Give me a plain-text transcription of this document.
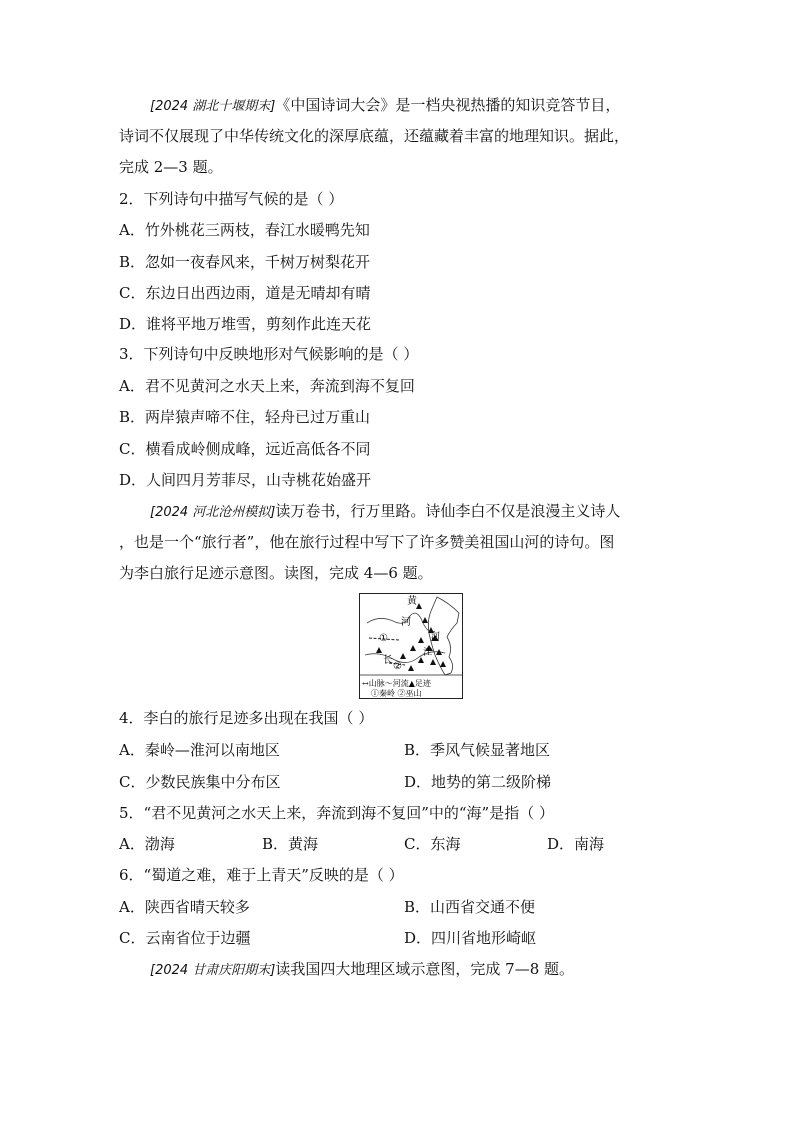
[2024 湖北十堰期末]《中国诗词大会》是一档央视热播的知识竞答节目，
诗词不仅展现了中华传统文化的深厚底蕴，还蕴藏着丰富的地理知识。据此，
完成 2—3 题。
2．下列诗句中描写气候的是（ ）
A．竹外桃花三两枝，春江水暖鸭先知
B．忽如一夜春风来，千树万树梨花开
C．东边日出西边雨，道是无晴却有晴
D．谁将平地万堆雪，剪刻作此连天花
3．下列诗句中反映地形对气候影响的是（ ）
A．君不见黄河之水天上来，奔流到海不复回
B．两岸猿声啼不住，轻舟已过万重山
C．横看成岭侧成峰，远近高低各不同
D．人间四月芳菲尽，山寺桃花始盛开
[2024 河北沧州模拟]读万卷书，行万里路。诗仙李白不仅是浪漫主义诗人
，也是一个“旅行者”，他在旅行过程中写下了许多赞美祖国山河的诗句。图
为李白旅行足迹示意图。读图，完成 4—6 题。
黄
河
河
长
江
①
②
↔山脉～河流▲足迹
①秦岭 ②巫山
4．李白的旅行足迹多出现在我国（ ）
A．秦岭—淮河以南地区	B．季风气候显著地区
C．少数民族集中分布区	D．地势的第二级阶梯
5．“君不见黄河之水天上来，奔流到海不复回”中的“海”是指（ ）
A．渤海	B．黄海	C．东海	D．南海
6．“蜀道之难，难于上青天”反映的是（ ）
A．陕西省晴天较多	B．山西省交通不便
C．云南省位于边疆	D．四川省地形崎岖
[2024 甘肃庆阳期末]读我国四大地理区域示意图，完成 7—8 题。
